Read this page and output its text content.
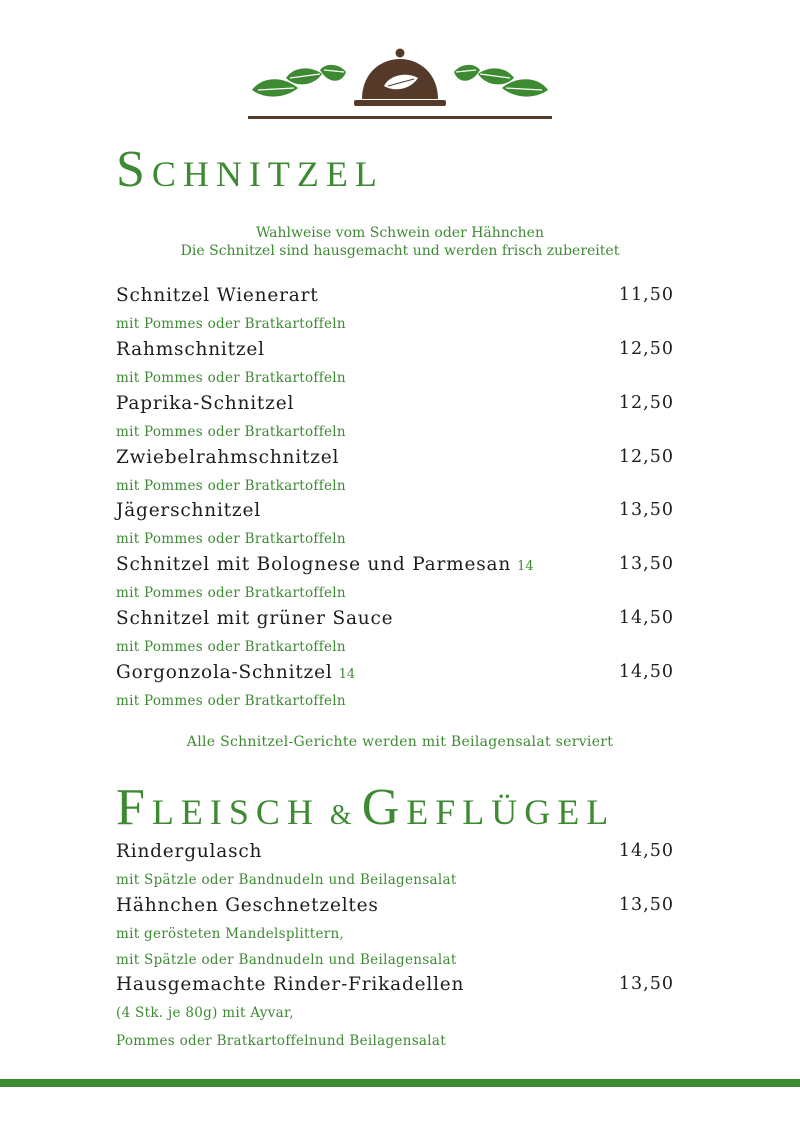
SCHNITZEL
Wahlweise vom Schwein oder Hähnchen
Die Schnitzel sind hausgemacht und werden frisch zubereitet
Schnitzel Wienerart	11,50
mit Pommes oder Bratkartoffeln
Rahmschnitzel	12,50
mit Pommes oder Bratkartoffeln
Paprika-Schnitzel	12,50
mit Pommes oder Bratkartoffeln
Zwiebelrahmschnitzel	12,50
mit Pommes oder Bratkartoffeln
Jägerschnitzel	13,50
mit Pommes oder Bratkartoffeln
Schnitzel mit Bolognese und Parmesan 14	13,50
mit Pommes oder Bratkartoffeln
Schnitzel mit grüner Sauce	14,50
mit Pommes oder Bratkartoffeln
Gorgonzola-Schnitzel 14	14,50
mit Pommes oder Bratkartoffeln
Alle Schnitzel-Gerichte werden mit Beilagensalat serviert
FLEISCH & GEFLÜGEL
Rindergulasch	14,50
mit Spätzle oder Bandnudeln und Beilagensalat
Hähnchen Geschnetzeltes	13,50
mit gerösteten Mandelsplittern,
mit Spätzle oder Bandnudeln und Beilagensalat
Hausgemachte Rinder-Frikadellen	13,50
(4 Stk. je 80g) mit Ayvar,
Pommes oder Bratkartoffelnund Beilagensalat
